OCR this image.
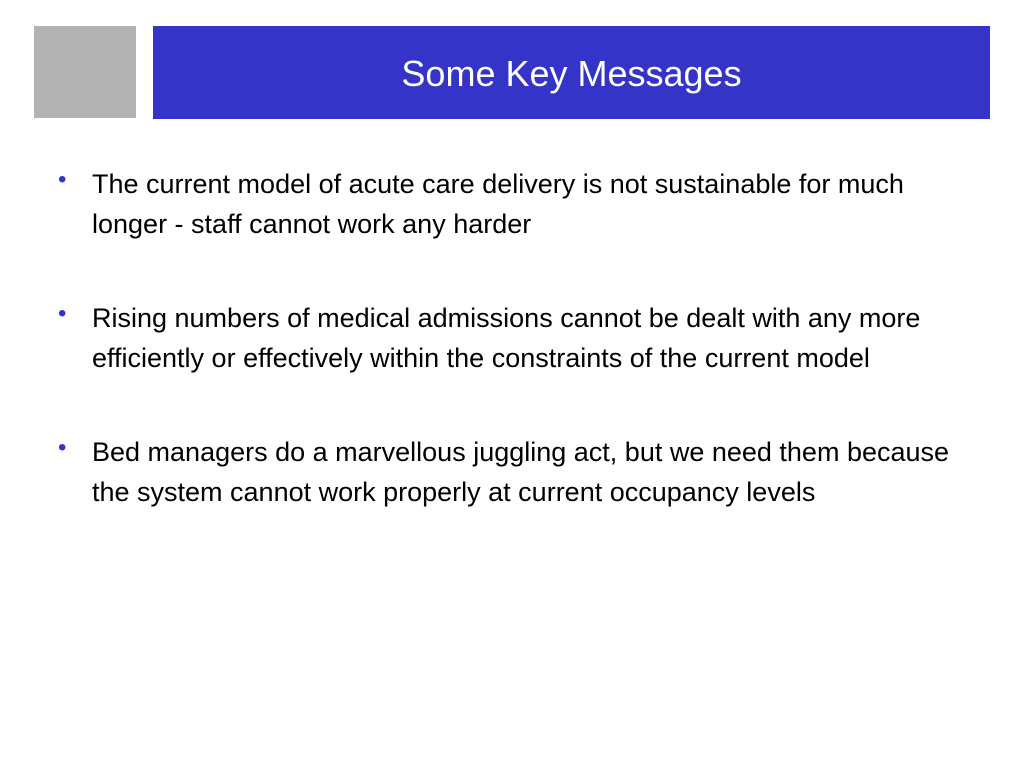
Some Key Messages
• The current model of acute care delivery is not sustainable for much longer - staff cannot work any harder
• Rising numbers of medical admissions cannot be dealt with any more efficiently or effectively within the constraints of the current model
• Bed managers do a marvellous juggling act, but we need them because the system cannot work properly at current occupancy levels
